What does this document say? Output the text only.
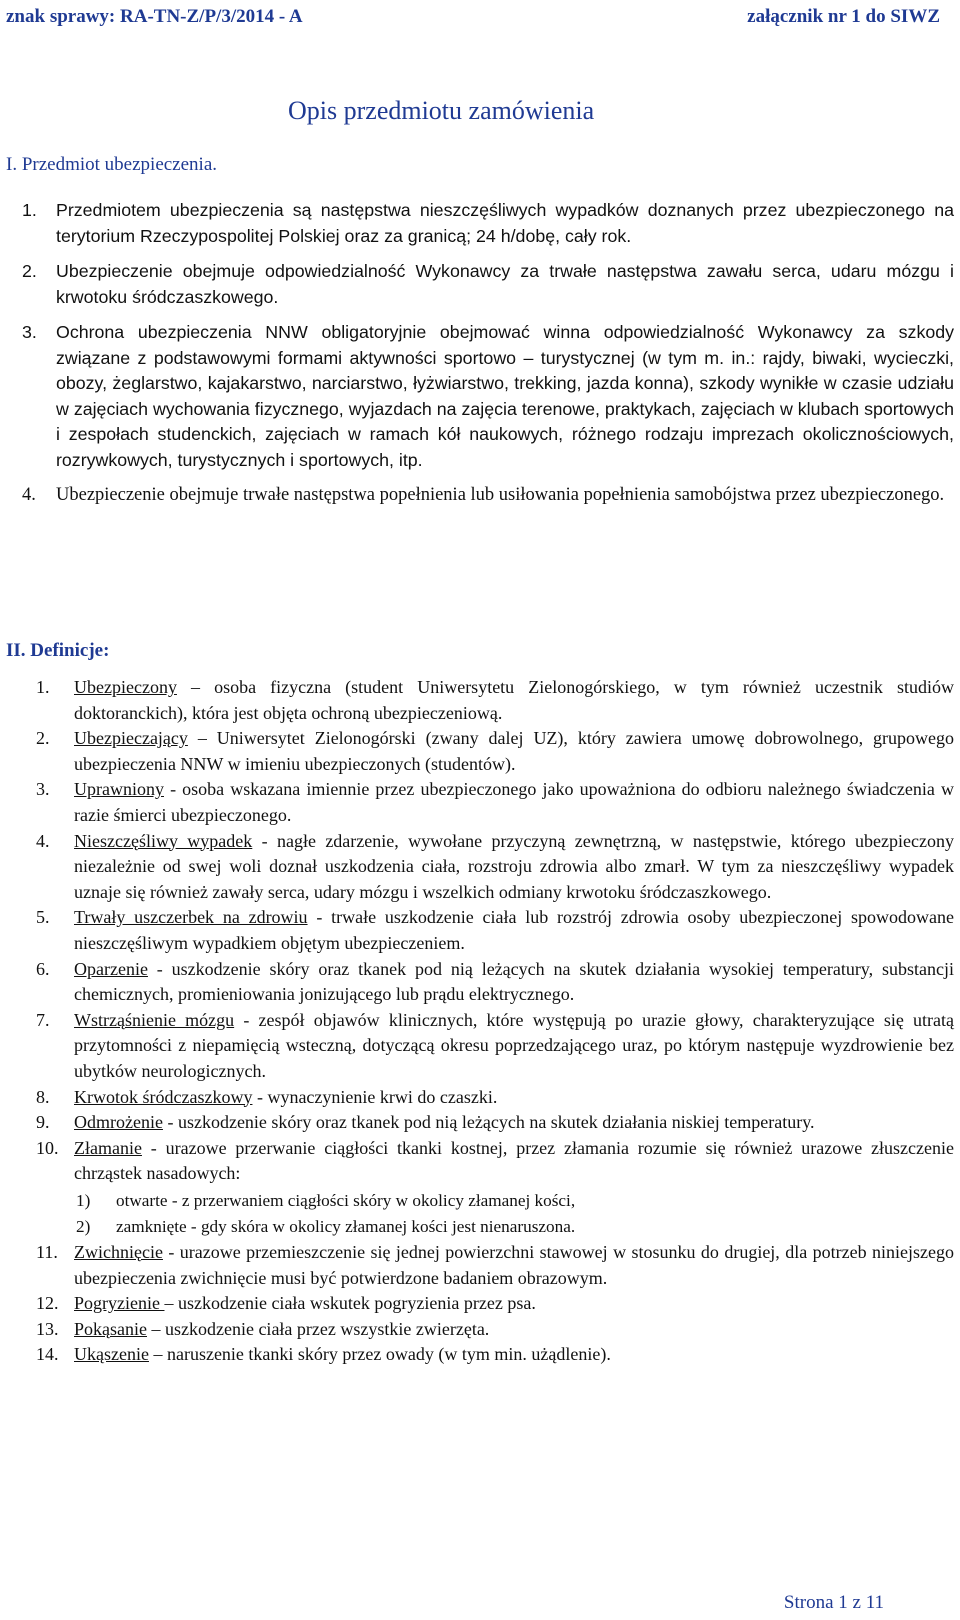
znak sprawy: RA-TN-Z/P/3/2014 - A	załącznik nr 1 do SIWZ
Opis przedmiotu zamówienia
I. Przedmiot ubezpieczenia.
1.	Przedmiotem ubezpieczenia są następstwa nieszczęśliwych wypadków doznanych przez ubezpieczonego na terytorium Rzeczypospolitej Polskiej oraz za granicą; 24 h/dobę, cały rok.
2.	Ubezpieczenie obejmuje odpowiedzialność Wykonawcy za trwałe następstwa zawału serca, udaru mózgu i krwotoku śródczaszkowego.
3.	Ochrona ubezpieczenia NNW obligatoryjnie obejmować winna odpowiedzialność Wykonawcy za szkody związane z podstawowymi formami aktywności sportowo – turystycznej (w tym m. in.: rajdy, biwaki, wycieczki, obozy, żeglarstwo, kajakarstwo, narciarstwo, łyżwiarstwo, trekking, jazda konna), szkody wynikłe w czasie udziału w zajęciach wychowania fizycznego, wyjazdach na zajęcia terenowe, praktykach, zajęciach w klubach sportowych i zespołach studenckich, zajęciach w ramach kół naukowych, różnego rodzaju imprezach okolicznościowych, rozrywkowych, turystycznych i sportowych, itp.
4.	Ubezpieczenie obejmuje trwałe następstwa popełnienia lub usiłowania popełnienia samobójstwa przez ubezpieczonego.
II. Definicje:
1.	Ubezpieczony – osoba fizyczna (student Uniwersytetu Zielonogórskiego, w tym również uczestnik studiów doktoranckich), która jest objęta ochroną ubezpieczeniową.
2.	Ubezpieczający – Uniwersytet Zielonogórski (zwany dalej UZ), który zawiera umowę dobrowolnego, grupowego ubezpieczenia NNW w imieniu ubezpieczonych (studentów).
3.	Uprawniony - osoba wskazana imiennie przez ubezpieczonego jako upoważniona do odbioru należnego świadczenia w razie śmierci ubezpieczonego.
4.	Nieszczęśliwy wypadek - nagłe zdarzenie, wywołane przyczyną zewnętrzną, w następstwie, którego ubezpieczony niezależnie od swej woli doznał uszkodzenia ciała, rozstroju zdrowia albo zmarł. W tym za nieszczęśliwy wypadek uznaje się również zawały serca, udary mózgu i wszelkich odmiany krwotoku śródczaszkowego.
5.	Trwały uszczerbek na zdrowiu - trwałe uszkodzenie ciała lub rozstrój zdrowia osoby ubezpieczonej spowodowane nieszczęśliwym wypadkiem objętym ubezpieczeniem.
6.	Oparzenie - uszkodzenie skóry oraz tkanek pod nią leżących na skutek działania wysokiej temperatury, substancji chemicznych, promieniowania jonizującego lub prądu elektrycznego.
7.	Wstrząśnienie mózgu - zespół objawów klinicznych, które występują po urazie głowy, charakteryzujące się utratą przytomności z niepamięcią wsteczną, dotyczącą okresu poprzedzającego uraz, po którym następuje wyzdrowienie bez ubytków neurologicznych.
8.	Krwotok śródczaszkowy - wynaczynienie krwi do czaszki.
9.	Odmrożenie - uszkodzenie skóry oraz tkanek pod nią leżących na skutek działania niskiej temperatury.
10. Złamanie - urazowe przerwanie ciągłości tkanki kostnej, przez złamania rozumie się również urazowe złuszczenie chrząstek nasadowych:
1)	otwarte - z przerwaniem ciągłości skóry w okolicy złamanej kości,
2)	zamknięte - gdy skóra w okolicy złamanej kości jest nienaruszona.
11. Zwichnięcie - urazowe przemieszczenie się jednej powierzchni stawowej w stosunku do drugiej, dla potrzeb niniejszego ubezpieczenia zwichnięcie musi być potwierdzone badaniem obrazowym.
12. Pogryzienie – uszkodzenie ciała wskutek pogryzienia przez psa.
13. Pokąsanie – uszkodzenie ciała przez wszystkie zwierzęta.
14. Ukąszenie – naruszenie tkanki skóry przez owady (w tym min. użądlenie).
Strona 1 z 11
